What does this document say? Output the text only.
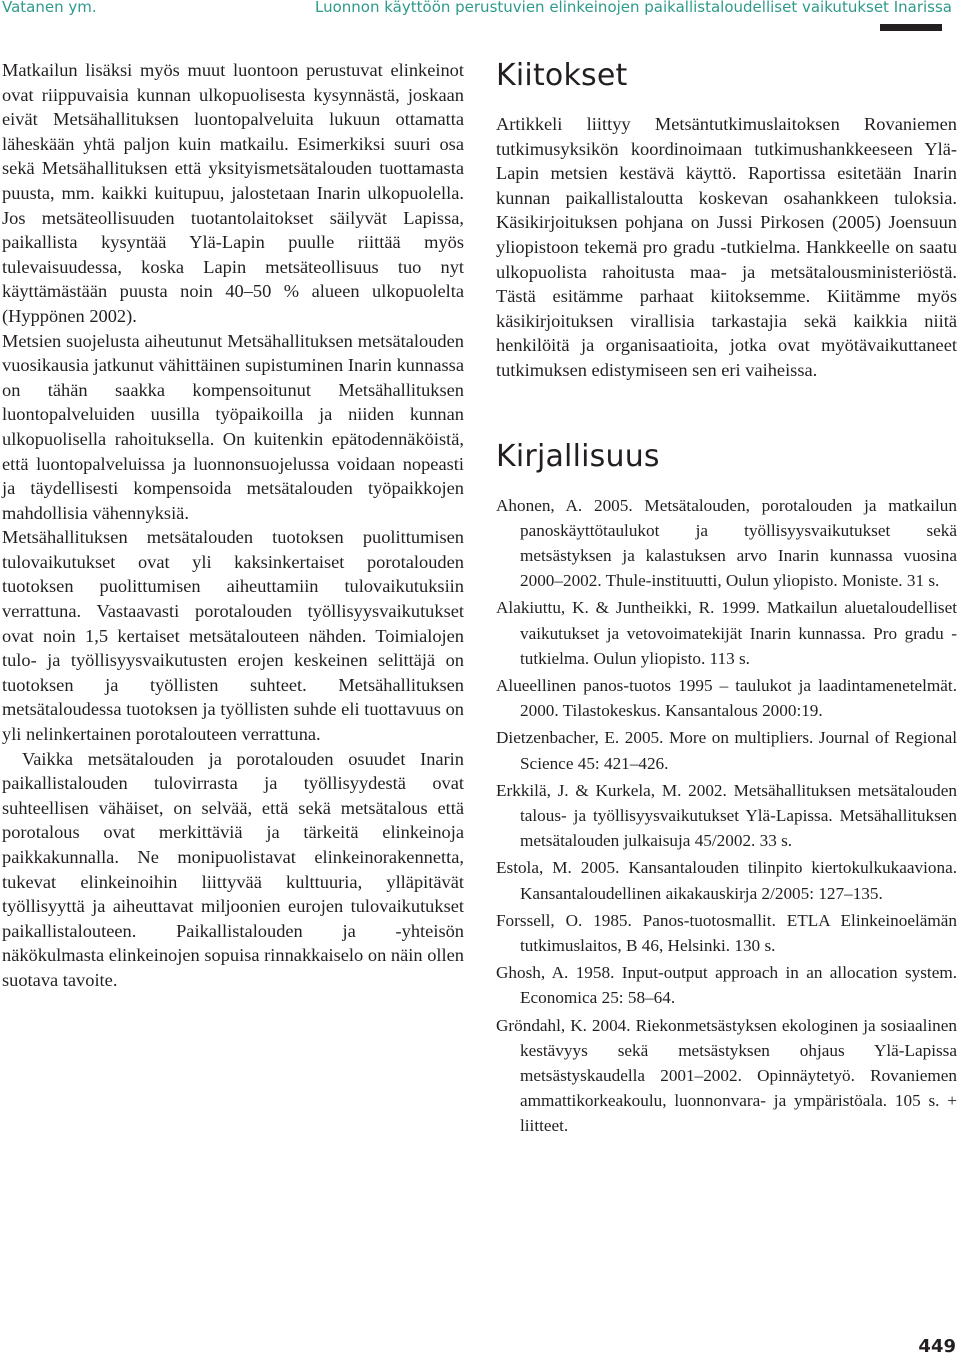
Vatanen ym.	Luonnon käyttöön perustuvien elinkeinojen paikallistaloudelliset vaikutukset Inarissa

Matkailun lisäksi myös muut luontoon perustuvat elinkeinot ovat riippuvaisia kunnan ulkopuolisesta kysynnästä, joskaan eivät Metsähallituksen luontopalveluita lukuun ottamatta läheskään yhtä paljon kuin matkailu. Esimerkiksi suuri osa sekä Metsähallituksen että yksityismetsätalouden tuottamasta puusta, mm. kaikki kuitupuu, jalostetaan Inarin ulkopuolella. Jos metsäteollisuuden tuotantolaitokset säilyvät Lapissa, paikallista kysyntää Ylä-Lapin puulle riittää myös tulevaisuudessa, koska Lapin metsäteollisuus tuo nyt käyttämästään puusta noin 40–50 % alueen ulkopuolelta (Hyppönen 2002).

Metsien suojelusta aiheutunut Metsähallituksen metsätalouden vuosikausia jatkunut vähittäinen supistuminen Inarin kunnassa on tähän saakka kompensoitunut Metsähallituksen luontopalveluiden uusilla työpaikoilla ja niiden kunnan ulkopuolisella rahoituksella. On kuitenkin epätodennäköistä, että luontopalveluissa ja luonnonsuojelussa voidaan nopeasti ja täydellisesti kompensoida metsätalouden työpaikkojen mahdollisia vähennyksiä.

Metsähallituksen metsätalouden tuotoksen puolittumisen tulovaikutukset ovat yli kaksinkertaiset porotalouden tuotoksen puolittumisen aiheuttamiin tulovaikutuksiin verrattuna. Vastaavasti porotalouden työllisyysvaikutukset ovat noin 1,5 kertaiset metsätalouteen nähden. Toimialojen tulo- ja työllisyysvaikutusten erojen keskeinen selittäjä on tuotoksen ja työllisten suhteet. Metsähallituksen metsätaloudessa tuotoksen ja työllisten suhde eli tuottavuus on yli nelinkertainen porotalouteen verrattuna.

Vaikka metsätalouden ja porotalouden osuudet Inarin paikallistalouden tulovirrasta ja työllisyydestä ovat suhteellisen vähäiset, on selvää, että sekä metsätalous että porotalous ovat merkittäviä ja tärkeitä elinkeinoja paikkakunnalla. Ne monipuolistavat elinkeinorakennetta, tukevat elinkeinoihin liittyvää kulttuuria, ylläpitävät työllisyyttä ja aiheuttavat miljoonien eurojen tulovaikutukset paikallistalouteen. Paikallistalouden ja -yhteisön näkökulmasta elinkeinojen sopuisa rinnakkaiselo on näin ollen suotava tavoite.

Kiitokset

Artikkeli liittyy Metsäntutkimuslaitoksen Rovaniemen tutkimusyksikön koordinoimaan tutkimushankkeeseen Ylä-Lapin metsien kestävä käyttö. Raportissa esitetään Inarin kunnan paikallistaloutta koskevan osahankkeen tuloksia. Käsikirjoituksen pohjana on Jussi Pirkosen (2005) Joensuun yliopistoon tekemä pro gradu -tutkielma. Hankkeelle on saatu ulkopuolista rahoitusta maa- ja metsätalousministeriöstä. Tästä esitämme parhaat kiitoksemme. Kiitämme myös käsikirjoituksen virallisia tarkastajia sekä kaikkia niitä henkilöitä ja organisaatioita, jotka ovat myötävaikuttaneet tutkimuksen edistymiseen sen eri vaiheissa.

Kirjallisuus
Ahonen, A. 2005. Metsätalouden, porotalouden ja matkailun panoskäyttötaulukot ja työllisyysvaikutukset sekä metsästyksen ja kalastuksen arvo Inarin kunnassa vuosina 2000–2002. Thule-instituutti, Oulun yliopisto. Moniste. 31 s.
Alakiuttu, K. & Juntheikki, R. 1999. Matkailun aluetaloudelliset vaikutukset ja vetovoimatekijät Inarin kunnassa. Pro gradu -tutkielma. Oulun yliopisto. 113 s.
Alueellinen panos-tuotos 1995 – taulukot ja laadintamenetelmät. 2000. Tilastokeskus. Kansantalous 2000:19.
Dietzenbacher, E. 2005. More on multipliers. Journal of Regional Science 45: 421–426.
Erkkilä, J. & Kurkela, M. 2002. Metsähallituksen metsätalouden talous- ja työllisyysvaikutukset Ylä-Lapissa. Metsähallituksen metsätalouden julkaisuja 45/2002. 33 s.
Estola, M. 2005. Kansantalouden tilinpito kiertokulkukaaviona. Kansantaloudellinen aikakauskirja 2/2005: 127–135.
Forssell, O. 1985. Panos-tuotosmallit. ETLA Elinkeinoelämän tutkimuslaitos, B 46, Helsinki. 130 s.
Ghosh, A. 1958. Input-output approach in an allocation system. Economica 25: 58–64.
Gröndahl, K. 2004. Riekonmetsästyksen ekologinen ja sosiaalinen kestävyys sekä metsästyksen ohjaus Ylä-Lapissa metsästyskaudella 2001–2002. Opinnäytetyö. Rovaniemen ammattikorkeakoulu, luonnonvara- ja ympäristöala. 105 s. + liitteet.
449
